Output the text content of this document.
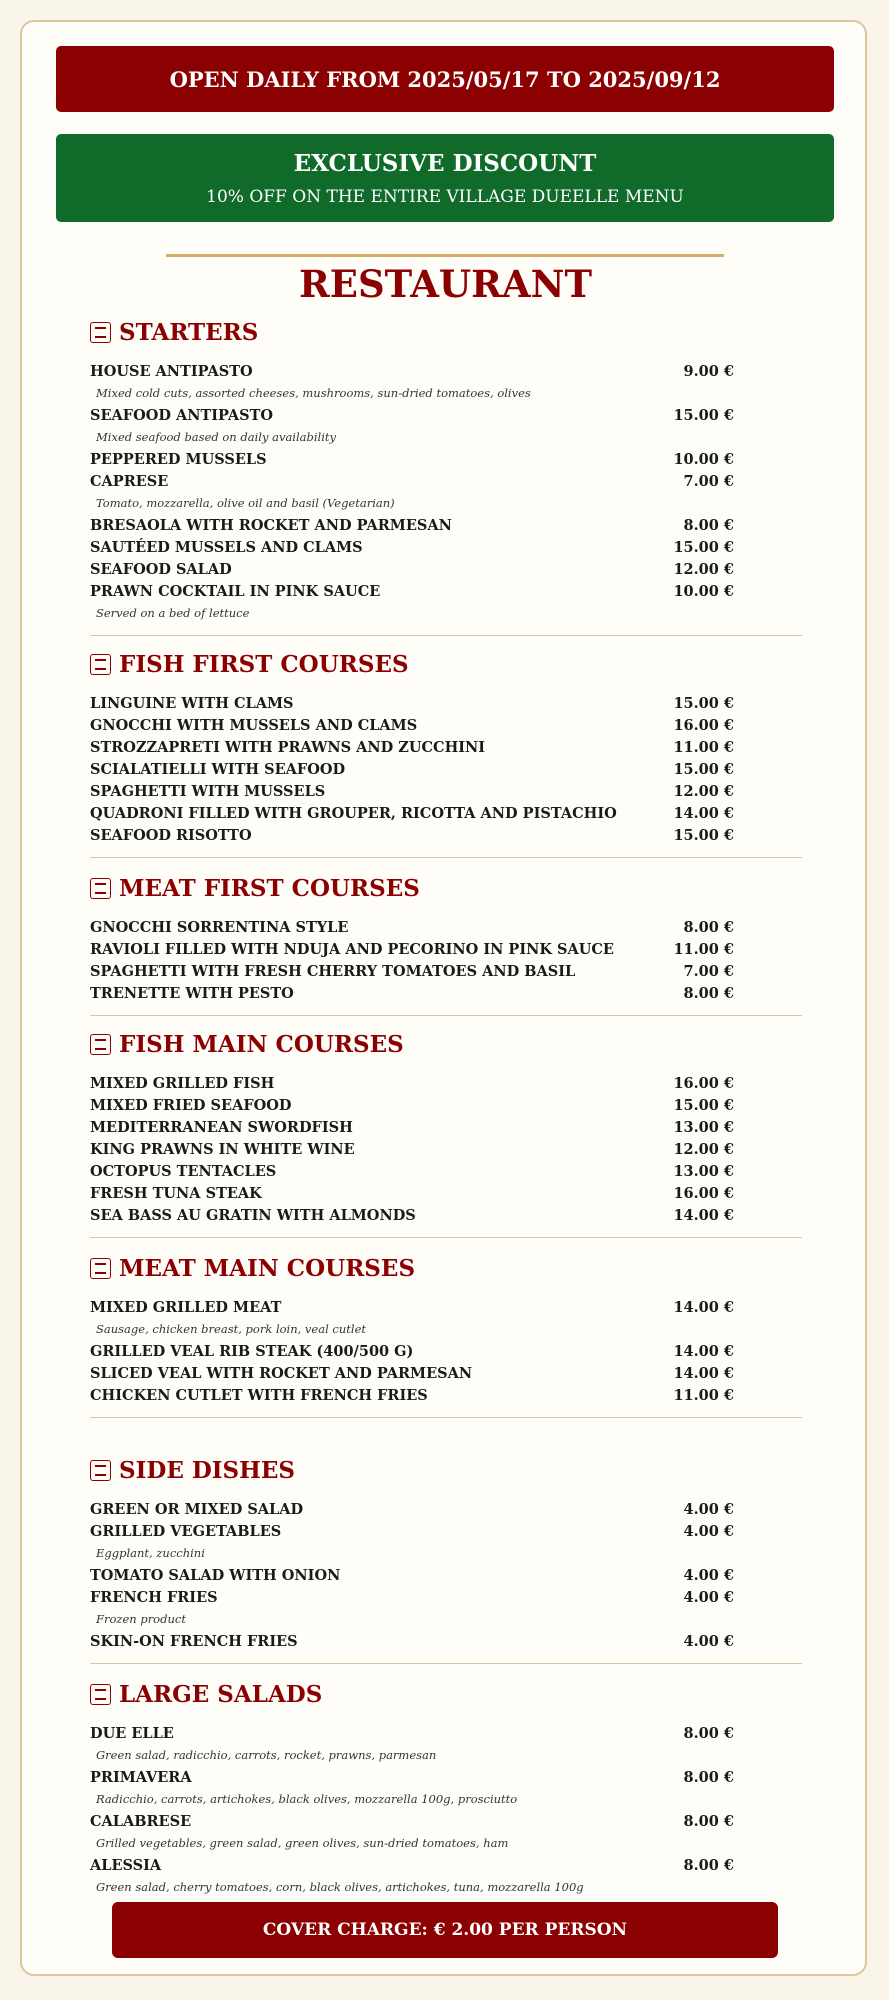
OPEN DAILY FROM 2025/05/17 TO 2025/09/12
EXCLUSIVE DISCOUNT
10% OFF ON THE ENTIRE VILLAGE DUEELLE MENU
RESTAURANT
STARTERS
HOUSE ANTIPASTO	9.00 €
Mixed cold cuts, assorted cheeses, mushrooms, sun-dried tomatoes, olives
SEAFOOD ANTIPASTO	15.00 €
Mixed seafood based on daily availability
PEPPERED MUSSELS	10.00 €
CAPRESE	7.00 €
Tomato, mozzarella, olive oil and basil (Vegetarian)
BRESAOLA WITH ROCKET AND PARMESAN	8.00 €
SAUTÉED MUSSELS AND CLAMS	15.00 €
SEAFOOD SALAD	12.00 €
PRAWN COCKTAIL IN PINK SAUCE	10.00 €
Served on a bed of lettuce
FISH FIRST COURSES
LINGUINE WITH CLAMS	15.00 €
GNOCCHI WITH MUSSELS AND CLAMS	16.00 €
STROZZAPRETI WITH PRAWNS AND ZUCCHINI	11.00 €
SCIALATIELLI WITH SEAFOOD	15.00 €
SPAGHETTI WITH MUSSELS	12.00 €
QUADRONI FILLED WITH GROUPER, RICOTTA AND PISTACHIO	14.00 €
SEAFOOD RISOTTO	15.00 €
MEAT FIRST COURSES
GNOCCHI SORRENTINA STYLE	8.00 €
RAVIOLI FILLED WITH NDUJA AND PECORINO IN PINK SAUCE	11.00 €
SPAGHETTI WITH FRESH CHERRY TOMATOES AND BASIL	7.00 €
TRENETTE WITH PESTO	8.00 €
FISH MAIN COURSES
MIXED GRILLED FISH	16.00 €
MIXED FRIED SEAFOOD	15.00 €
MEDITERRANEAN SWORDFISH	13.00 €
KING PRAWNS IN WHITE WINE	12.00 €
OCTOPUS TENTACLES	13.00 €
FRESH TUNA STEAK	16.00 €
SEA BASS AU GRATIN WITH ALMONDS	14.00 €
MEAT MAIN COURSES
MIXED GRILLED MEAT	14.00 €
Sausage, chicken breast, pork loin, veal cutlet
GRILLED VEAL RIB STEAK (400/500 G)	14.00 €
SLICED VEAL WITH ROCKET AND PARMESAN	14.00 €
CHICKEN CUTLET WITH FRENCH FRIES	11.00 €
SIDE DISHES
GREEN OR MIXED SALAD	4.00 €
GRILLED VEGETABLES	4.00 €
Eggplant, zucchini
TOMATO SALAD WITH ONION	4.00 €
FRENCH FRIES	4.00 €
Frozen product
SKIN-ON FRENCH FRIES	4.00 €
LARGE SALADS
DUE ELLE	8.00 €
Green salad, radicchio, carrots, rocket, prawns, parmesan
PRIMAVERA	8.00 €
Radicchio, carrots, artichokes, black olives, mozzarella 100g, prosciutto
CALABRESE	8.00 €
Grilled vegetables, green salad, green olives, sun-dried tomatoes, ham
ALESSIA	8.00 €
Green salad, cherry tomatoes, corn, black olives, artichokes, tuna, mozzarella 100g
COVER CHARGE: € 2.00 PER PERSON
